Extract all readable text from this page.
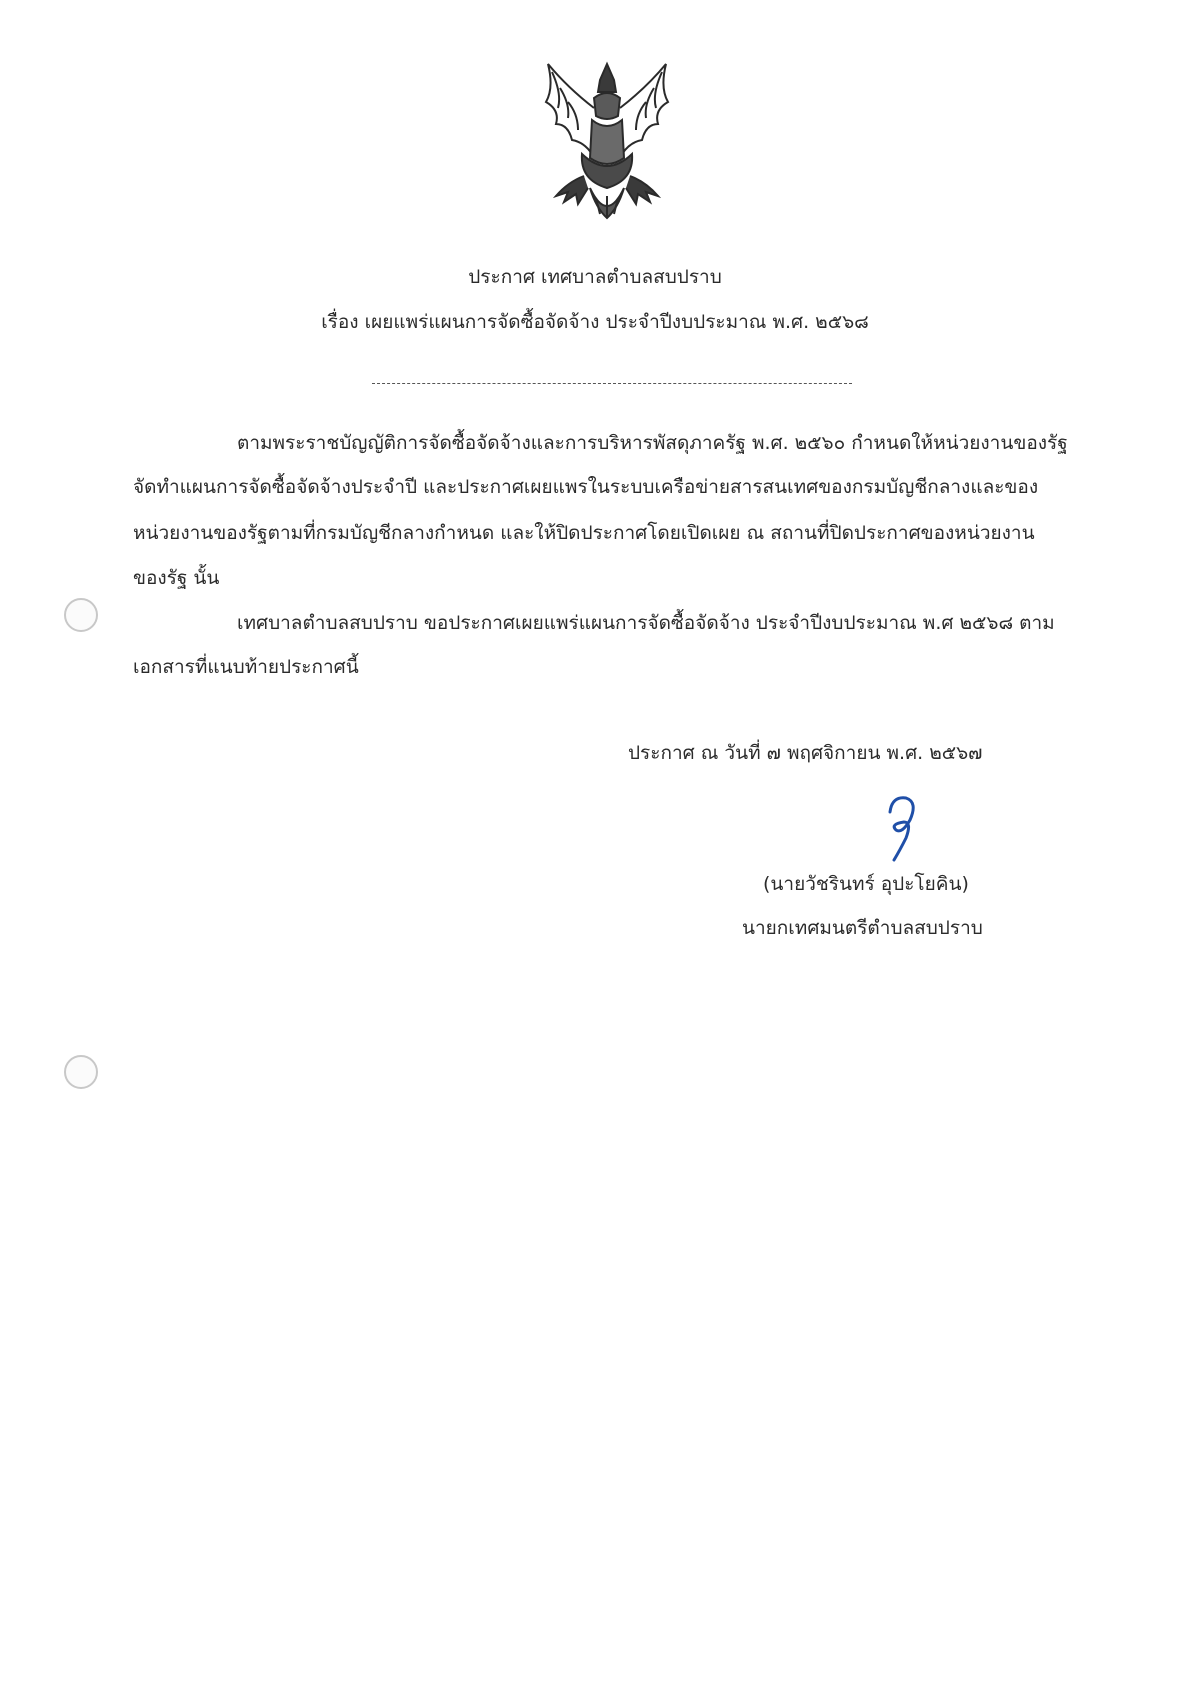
ประกาศ เทศบาลตำบลสบปราบ
เรื่อง เผยแพร่แผนการจัดซื้อจัดจ้าง ประจำปีงบประมาณ พ.ศ. ๒๕๖๘
ตามพระราชบัญญัติการจัดซื้อจัดจ้างและการบริหารพัสดุภาครัฐ พ.ศ. ๒๕๖๐ กำหนดให้หน่วยงานของรัฐ
จัดทำแผนการจัดซื้อจัดจ้างประจำปี และประกาศเผยแพรในระบบเครือข่ายสารสนเทศของกรมบัญชีกลางและของ
หน่วยงานของรัฐตามที่กรมบัญชีกลางกำหนด และให้ปิดประกาศโดยเปิดเผย ณ สถานที่ปิดประกาศของหน่วยงาน
ของรัฐ นั้น
เทศบาลตำบลสบปราบ ขอประกาศเผยแพร่แผนการจัดซื้อจัดจ้าง ประจำปีงบประมาณ พ.ศ ๒๕๖๘ ตาม
เอกสารที่แนบท้ายประกาศนี้
ประกาศ ณ วันที่ ๗ พฤศจิกายน พ.ศ. ๒๕๖๗
(นายวัชรินทร์ อุปะโยคิน)
นายกเทศมนตรีตำบลสบปราบ
